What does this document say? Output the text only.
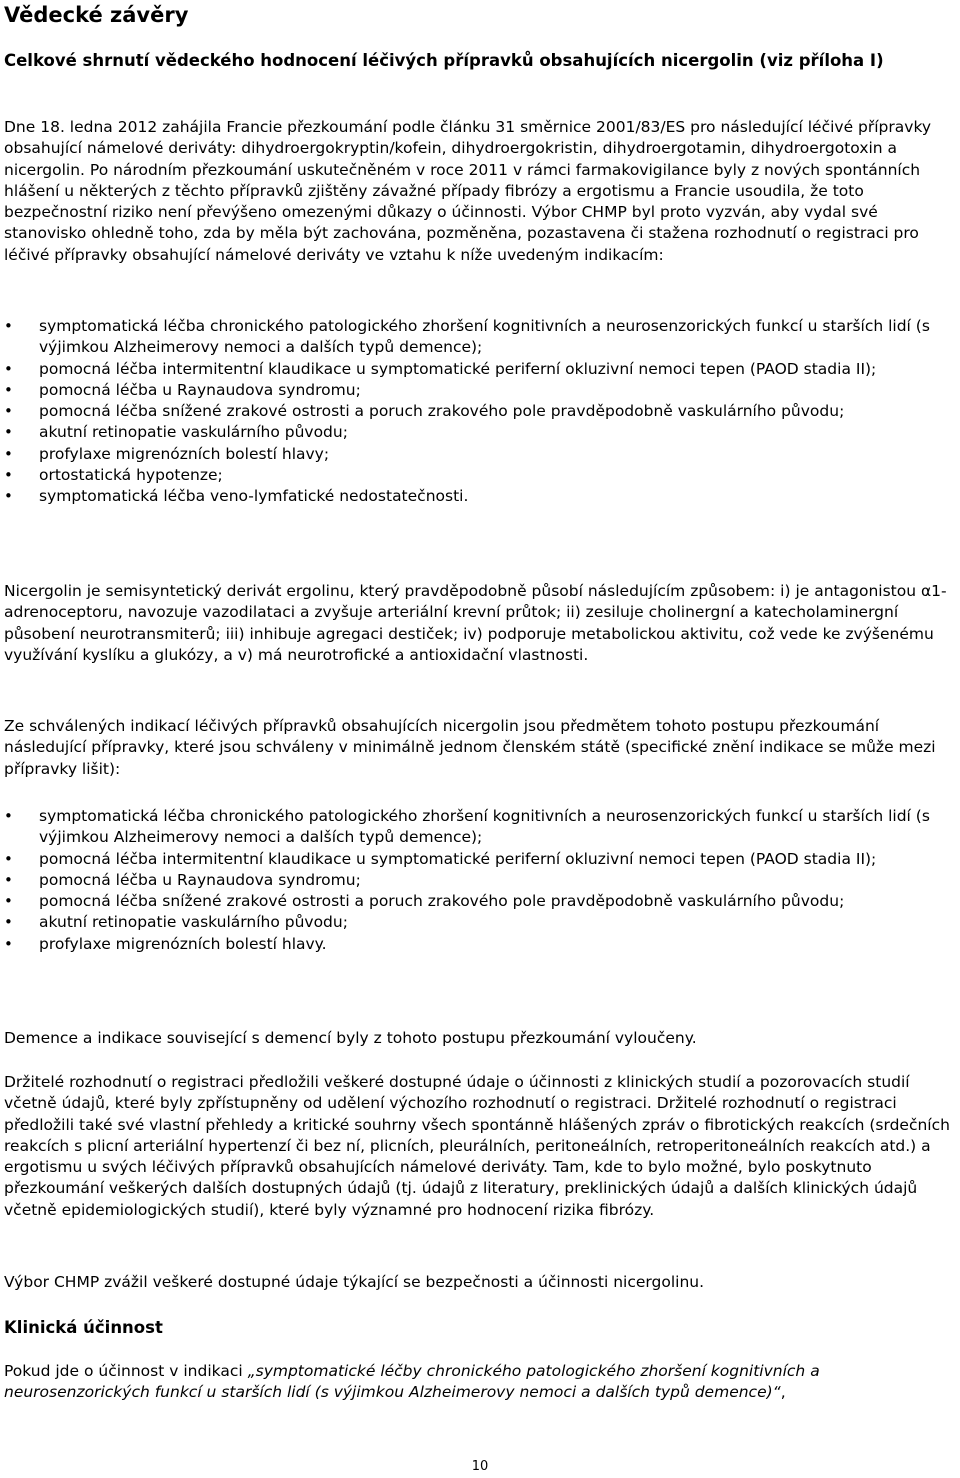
Vědecké závěry
Celkové shrnutí vědeckého hodnocení léčivých přípravků obsahujících nicergolin (viz příloha I)

Dne 18. ledna 2012 zahájila Francie přezkoumání podle článku 31 směrnice 2001/83/ES pro následující léčivé přípravky obsahující námelové deriváty: dihydroergokryptin/kofein, dihydroergokristin, dihydroergotamin, dihydroergotoxin a nicergolin. Po národním přezkoumání uskutečněném v roce 2011 v rámci farmakovigilance byly z nových spontánních hlášení u některých z těchto přípravků zjištěny závažné případy fibrózy a ergotismu a Francie usoudila, že toto bezpečnostní riziko není převýšeno omezenými důkazy o účinnosti. Výbor CHMP byl proto vyzván, aby vydal své stanovisko ohledně toho, zda by měla být zachována, pozměněna, pozastavena či stažena rozhodnutí o registraci pro léčivé přípravky obsahující námelové deriváty ve vztahu k níže uvedeným indikacím:

• symptomatická léčba chronického patologického zhoršení kognitivních a neurosenzorických funkcí u starších lidí (s výjimkou Alzheimerovy nemoci a dalších typů demence);
• pomocná léčba intermitentní klaudikace u symptomatické periferní okluzivní nemoci tepen (PAOD stadia II);
• pomocná léčba u Raynaudova syndromu;
• pomocná léčba snížené zrakové ostrosti a poruch zrakového pole pravděpodobně vaskulárního původu;
• akutní retinopatie vaskulárního původu;
• profylaxe migrenózních bolestí hlavy;
• ortostatická hypotenze;
• symptomatická léčba veno-lymfatické nedostatečnosti.

Nicergolin je semisyntetický derivát ergolinu, který pravděpodobně působí následujícím způsobem: i) je antagonistou α1-adrenoceptoru, navozuje vazodilataci a zvyšuje arteriální krevní průtok; ii) zesiluje cholinergní a katecholaminergní působení neurotransmiterů; iii) inhibuje agregaci destiček; iv) podporuje metabolickou aktivitu, což vede ke zvýšenému využívání kyslíku a glukózy, a v) má neurotrofické a antioxidační vlastnosti.

Ze schválených indikací léčivých přípravků obsahujících nicergolin jsou předmětem tohoto postupu přezkoumání následující přípravky, které jsou schváleny v minimálně jednom členském státě (specifické znění indikace se může mezi přípravky lišit):

• symptomatická léčba chronického patologického zhoršení kognitivních a neurosenzorických funkcí u starších lidí (s výjimkou Alzheimerovy nemoci a dalších typů demence);
• pomocná léčba intermitentní klaudikace u symptomatické periferní okluzivní nemoci tepen (PAOD stadia II);
• pomocná léčba u Raynaudova syndromu;
• pomocná léčba snížené zrakové ostrosti a poruch zrakového pole pravděpodobně vaskulárního původu;
• akutní retinopatie vaskulárního původu;
• profylaxe migrenózních bolestí hlavy.

Demence a indikace související s demencí byly z tohoto postupu přezkoumání vyloučeny.

Držitelé rozhodnutí o registraci předložili veškeré dostupné údaje o účinnosti z klinických studií a pozorovacích studií včetně údajů, které byly zpřístupněny od udělení výchozího rozhodnutí o registraci. Držitelé rozhodnutí o registraci předložili také své vlastní přehledy a kritické souhrny všech spontánně hlášených zpráv o fibrotických reakcích (srdečních reakcích s plicní arteriální hypertenzí či bez ní, plicních, pleurálních, peritoneálních, retroperitoneálních reakcích atd.) a ergotismu u svých léčivých přípravků obsahujících námelové deriváty. Tam, kde to bylo možné, bylo poskytnuto přezkoumání veškerých dalších dostupných údajů (tj. údajů z literatury, preklinických údajů a dalších klinických údajů včetně epidemiologických studií), které byly významné pro hodnocení rizika fibrózy.

Výbor CHMP zvážil veškeré dostupné údaje týkající se bezpečnosti a účinnosti nicergolinu.

Klinická účinnost

Pokud jde o účinnost v indikaci „symptomatické léčby chronického patologického zhoršení kognitivních a neurosenzorických funkcí u starších lidí (s výjimkou Alzheimerovy nemoci a dalších typů demence)“,

10
